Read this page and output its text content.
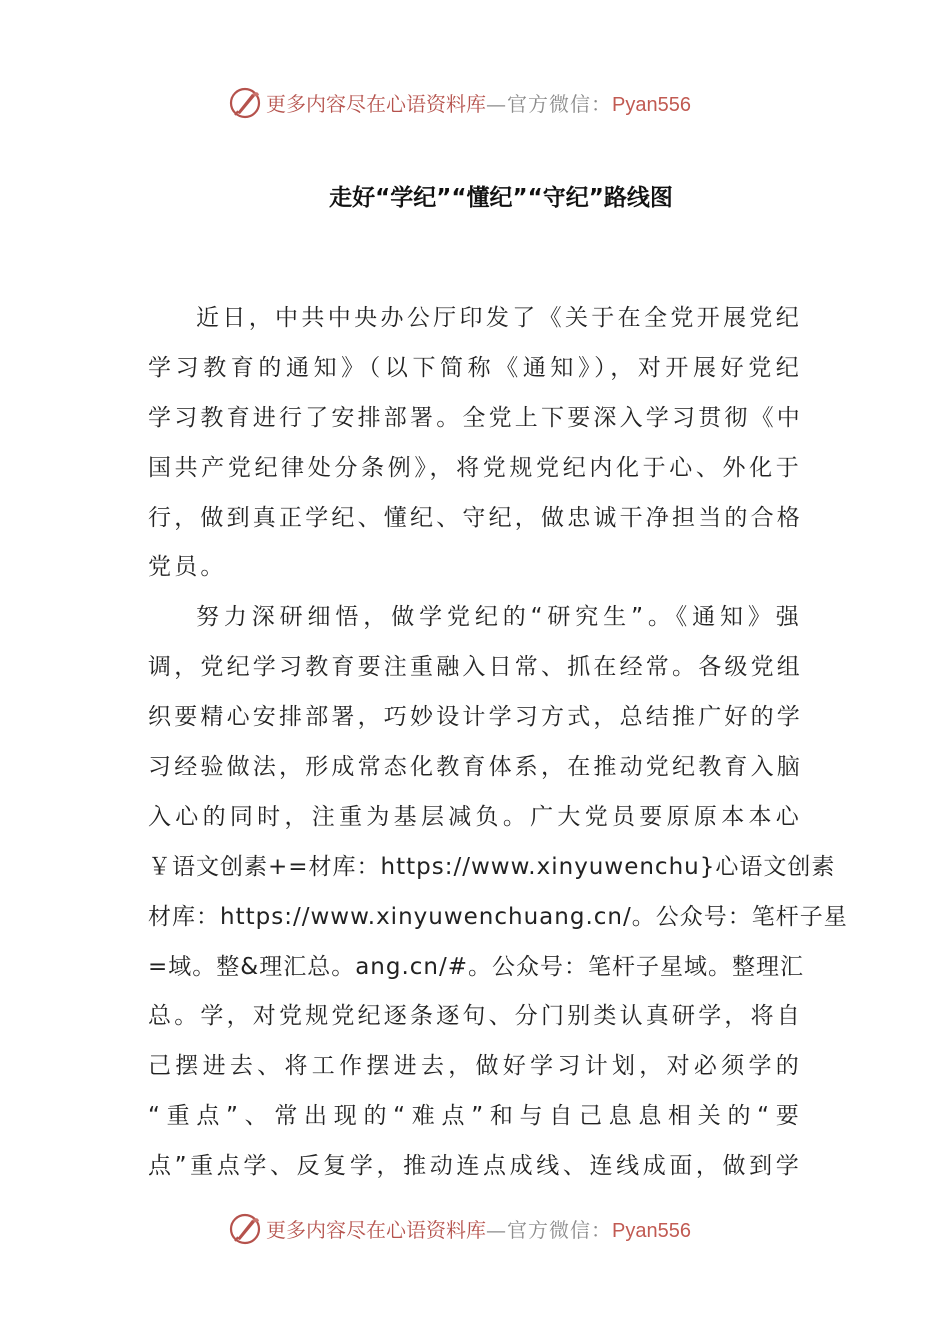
更多内容尽在心语资料库—官方微信：Pyan556
走好“学纪”“懂纪”“守纪”路线图
近日，中共中央办公厅印发了《关于在全党开展党纪
学习教育的通知》（以下简称《通知》），对开展好党纪
学习教育进行了安排部署。全党上下要深入学习贯彻《中
国共产党纪律处分条例》，将党规党纪内化于心、外化于
行，做到真正学纪、懂纪、守纪，做忠诚干净担当的合格
党员。
努力深研细悟，做学党纪的“研究生”。《通知》强
调，党纪学习教育要注重融入日常、抓在经常。各级党组
织要精心安排部署，巧妙设计学习方式，总结推广好的学
习经验做法，形成常态化教育体系，在推动党纪教育入脑
入心的同时，注重为基层减负。广大党员要原原本本心
￥语文创素+=材库：https://www.xinyuwenchu}心语文创素
材库：https://www.xinyuwenchuang.cn/。公众号：笔杆子星
=域。整&理汇总。ang.cn/#。公众号：笔杆子星域。整理汇
总。学，对党规党纪逐条逐句、分门别类认真研学，将自
己摆进去、将工作摆进去，做好学习计划，对必须学的
“重点”、常出现的“难点”和与自己息息相关的“要
点”重点学、反复学，推动连点成线、连线成面，做到学
更多内容尽在心语资料库—官方微信：Pyan556
